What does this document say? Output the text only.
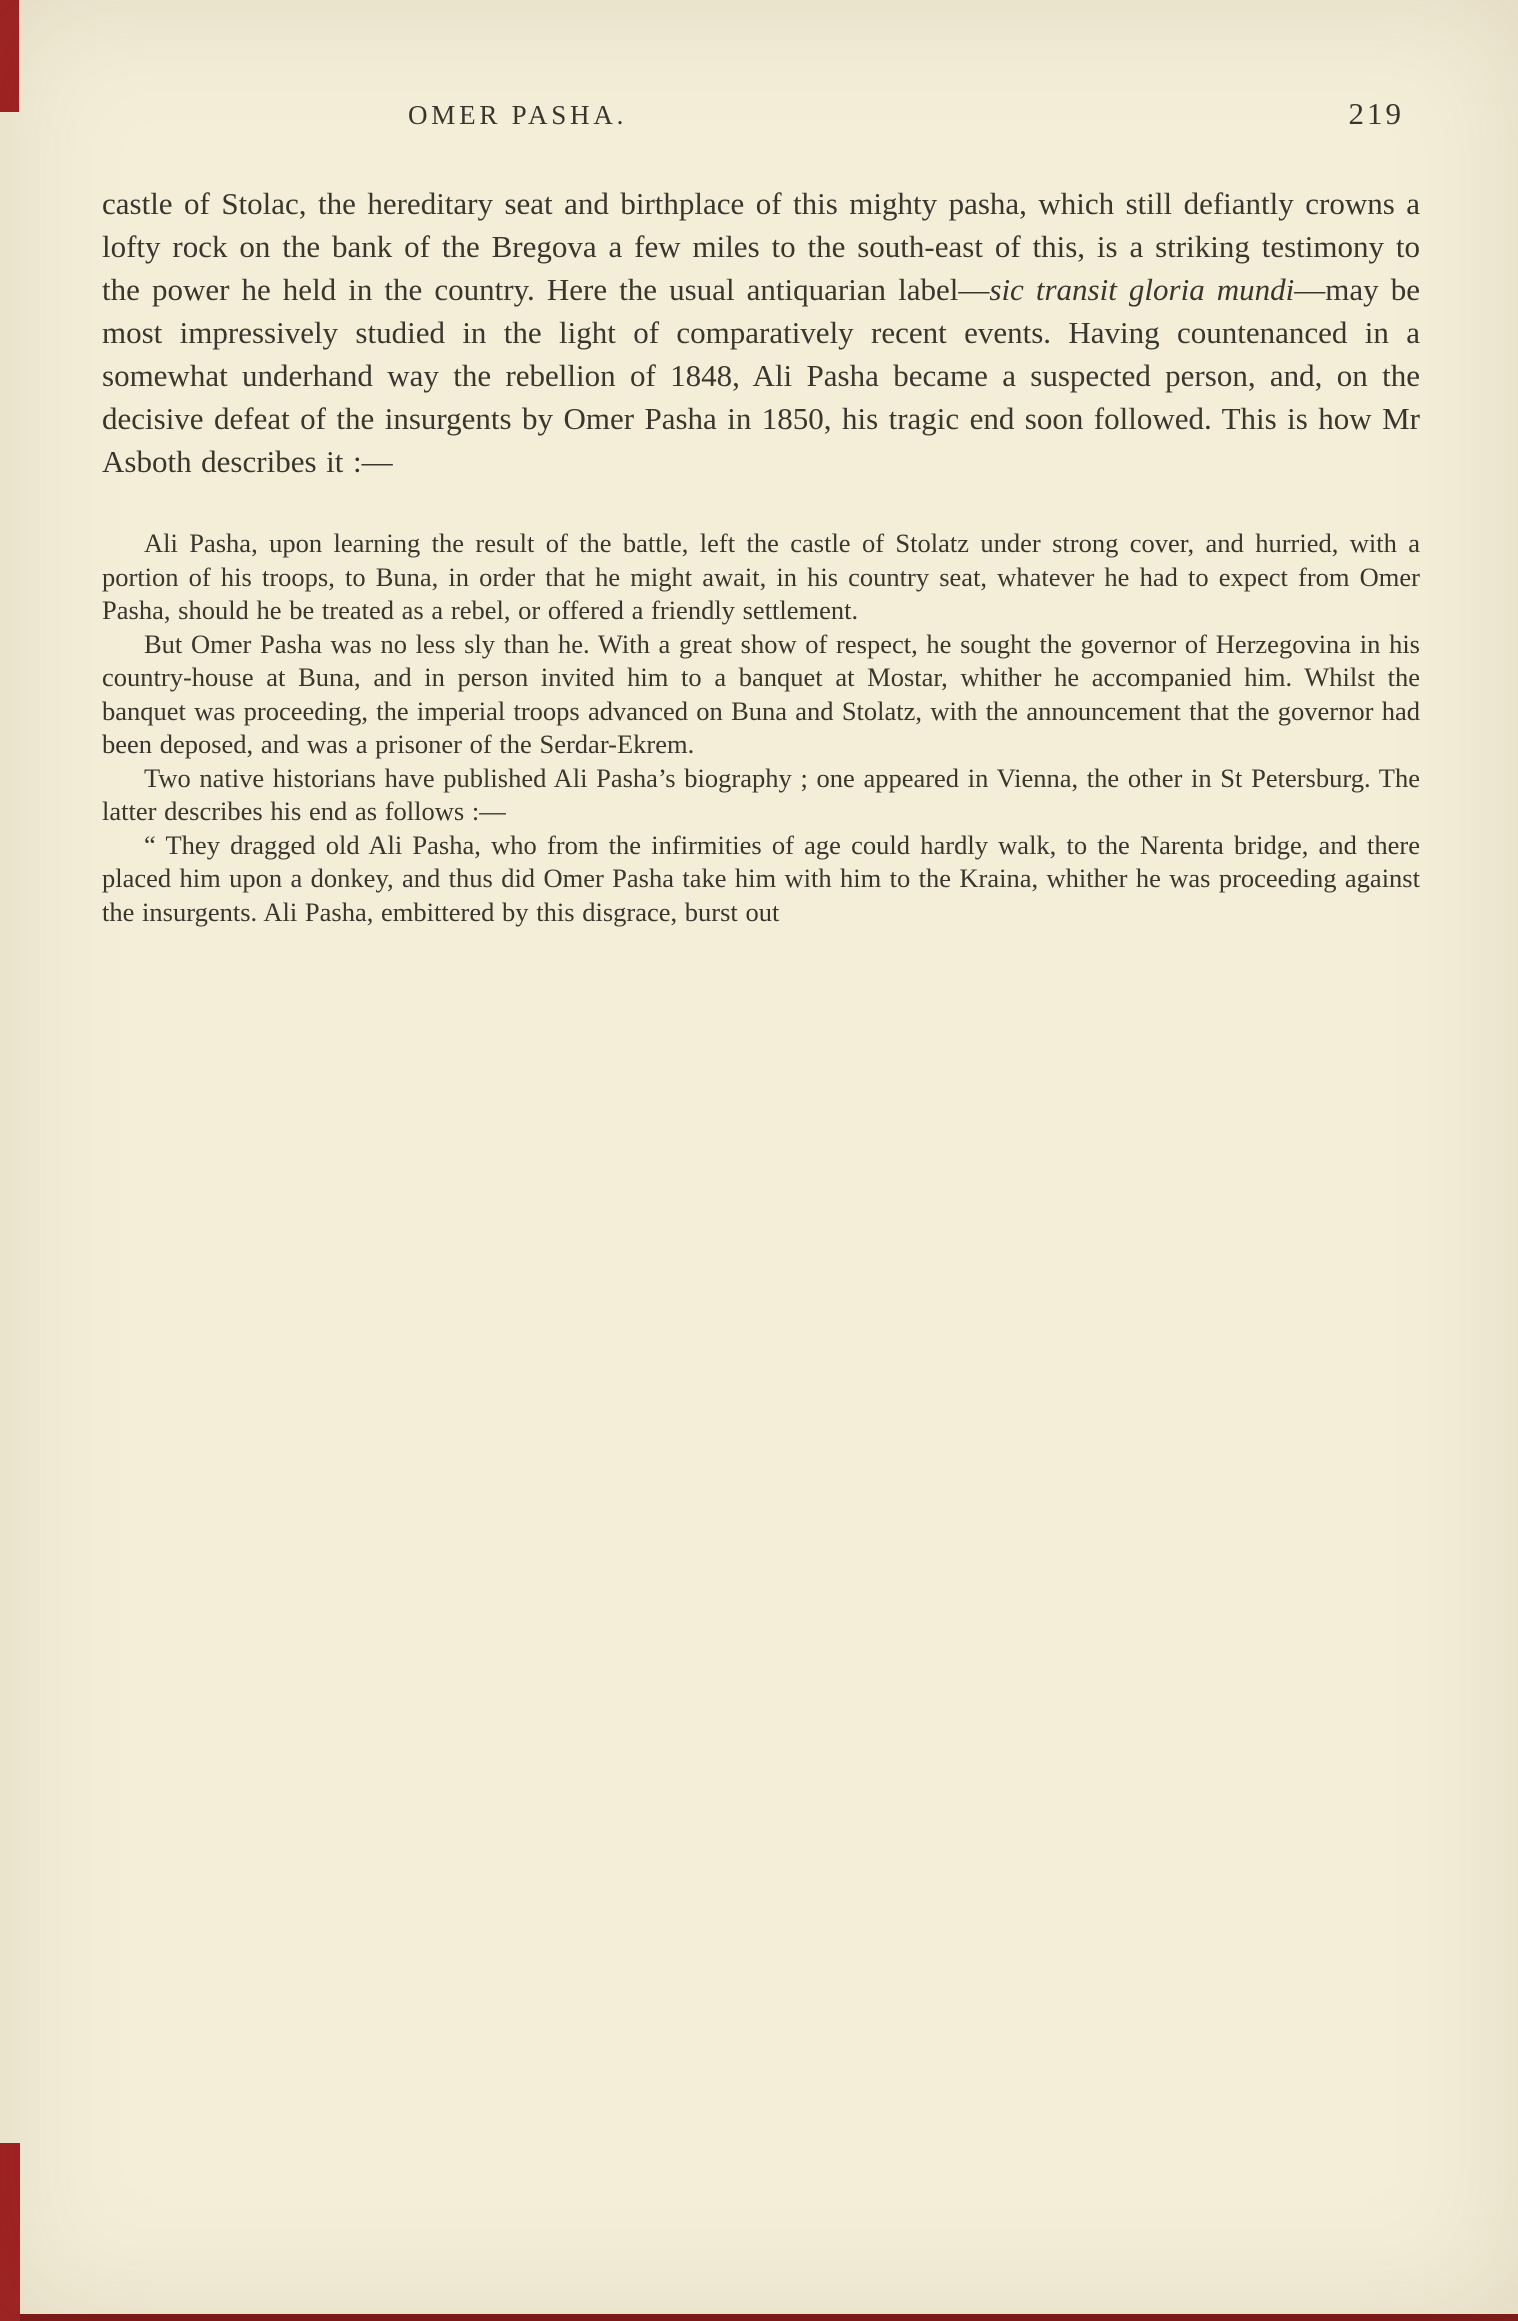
OMER PASHA.	219

castle of Stolac, the hereditary seat and birthplace of this mighty pasha, which still defiantly crowns a lofty rock on the bank of the Bregova a few miles to the south-east of this, is a striking testimony to the power he held in the country. Here the usual antiquarian label—sic transit gloria mundi—may be most impressively studied in the light of comparatively recent events. Having countenanced in a somewhat underhand way the rebellion of 1848, Ali Pasha became a suspected person, and, on the decisive defeat of the insurgents by Omer Pasha in 1850, his tragic end soon followed. This is how Mr Asboth describes it :—

Ali Pasha, upon learning the result of the battle, left the castle of Stolatz under strong cover, and hurried, with a portion of his troops, to Buna, in order that he might await, in his country seat, whatever he had to expect from Omer Pasha, should he be treated as a rebel, or offered a friendly settlement.

But Omer Pasha was no less sly than he. With a great show of respect, he sought the governor of Herzegovina in his country-house at Buna, and in person invited him to a banquet at Mostar, whither he accompanied him. Whilst the banquet was proceeding, the imperial troops advanced on Buna and Stolatz, with the announcement that the governor had been deposed, and was a prisoner of the Serdar-Ekrem.

Two native historians have published Ali Pasha’s biography ; one appeared in Vienna, the other in St Petersburg. The latter describes his end as follows :—

“ They dragged old Ali Pasha, who from the infirmities of age could hardly walk, to the Narenta bridge, and there placed him upon a donkey, and thus did Omer Pasha take him with him to the Kraina, whither he was proceeding against the insurgents. Ali Pasha, embittered by this disgrace, burst out
